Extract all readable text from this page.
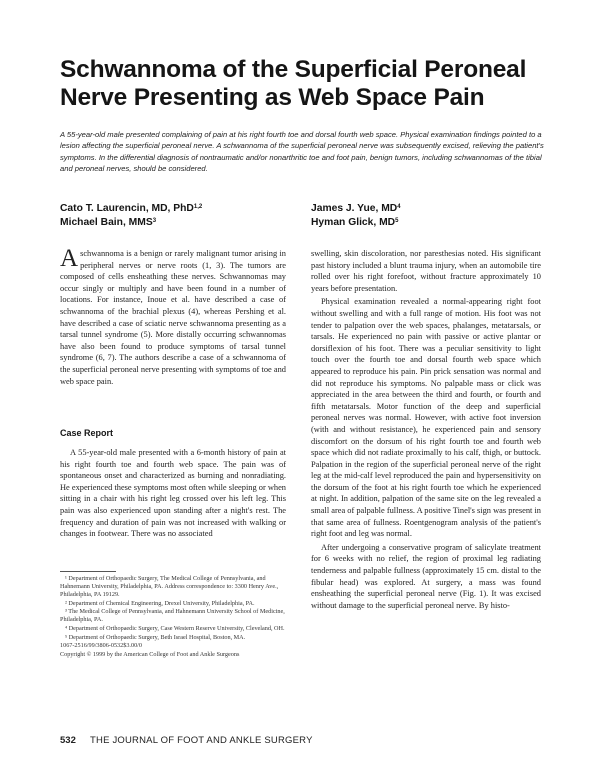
Schwannoma of the Superficial Peroneal Nerve Presenting as Web Space Pain

A 55-year-old male presented complaining of pain at his right fourth toe and dorsal fourth web space. Physical examination findings pointed to a lesion affecting the superficial peroneal nerve. A schwannoma of the superficial peroneal nerve was subsequently excised, relieving the patient's symptoms. In the differential diagnosis of nontraumatic and/or nonarthritic toe and foot pain, benign tumors, including schwannomas of the tibial and peroneal nerves, should be considered.

Cato T. Laurencin, MD, PhD$^{1,2}$
Michael Bain, MMS$^3$
James J. Yue, $MD^4$
Hyman Glick, $MD^5$

Aschwannoma is a benign or rarely malignant tumor arising in peripheral nerves or nerve roots (1, 3). The tumors are composed of cells ensheathing these nerves. Schwannomas may occur singly or multiply and have been found in a number of locations. For instance, Inoue et al. have described a case of schwannoma of the brachial plexus (4), whereas Pershing et al. have described a case of sciatic nerve schwannoma presenting as a tarsal tunnel syndrome (5). More distally occurring schwannomas have also been found to produce symptoms of tarsal tunnel syndrome (6, 7). The authors describe a case of a schwannoma of the superficial peroneal nerve presenting with symptoms of toe and web space pain.

Case Report

A 55-year-old male presented with a 6-month history of pain at his right fourth toe and fourth web space. The pain was of spontaneous onset and characterized as burning and nonradiating. He experienced these symptoms most often while sleeping or when sitting in a chair with his right leg crossed over his left leg. This pain was also experienced upon standing after a night's rest. The frequency and duration of pain was not increased with walking or changes in footwear. There was no associated

swelling, skin discoloration, nor paresthesias noted. His significant past history included a blunt trauma injury, when an automobile tire rolled over his right forefoot, without fracture approximately 10 years before presentation.

Physical examination revealed a normal-appearing right foot without swelling and with a full range of motion. His foot was not tender to palpation over the web spaces, phalanges, metatarsals, or tarsals. He experienced no pain with passive or active plantar or dorsiflexion of his foot. There was a peculiar sensitivity to light touch over the fourth toe and dorsal fourth web space which appeared to reproduce his pain. Pin prick sensation was normal and did not reproduce his symptoms. No palpable mass or click was appreciated in the area between the third and fourth, or fourth and fifth metatarsals. Motor function of the deep and superficial peroneal nerves was normal. However, with active foot inversion (with and without resistance), he experienced pain and sensory discomfort on the dorsum of his right fourth toe and fourth web space which did not radiate proximally to his calf, thigh, or buttock. Palpation in the region of the superficial peroneal nerve of the right leg at the mid-calf level reproduced the pain and hypersensitivity on the dorsum of the foot at his right fourth toe which he experienced at night. In addition, palpation of the same site on the leg revealed a small area of palpable fullness. A positive Tinel's sign was present in that same area of fullness. Roentgenogram analysis of the patient's right foot and leg was normal.

After undergoing a conservative program of salicylate treatment for 6 weeks with no relief, the region of proximal leg radiating tenderness and palpable fullness (approximately 15 cm. distal to the fibular head) was explored. At surgery, a mass was found ensheathing the superficial peroneal nerve (Fig. 1). It was excised without damage to the superficial peroneal nerve. By histo-

¹ Department of Orthopaedic Surgery, The Medical College of Pennsylvania, and Hahnemann University, Philadelphia, PA. Address correspondence to: 3300 Henry Ave., Philadelphia, PA 19129.

² Department of Chemical Engineering, Drexel University, Philadelphia, PA.

³ The Medical College of Pennsylvania, and Hahnemann University School of Medicine, Philadelphia, PA.

⁴ Department of Orthopaedic Surgery, Case Western Reserve University, Cleveland, OH.

⁵ Department of Orthopaedic Surgery, Beth Israel Hospital, Boston, MA.

1067-2516/99/3806-0532$3.00/0

Copyright © 1999 by the American College of Foot and Ankle Surgeons

532 THE JOURNAL OF FOOT AND ANKLE SURGERY
